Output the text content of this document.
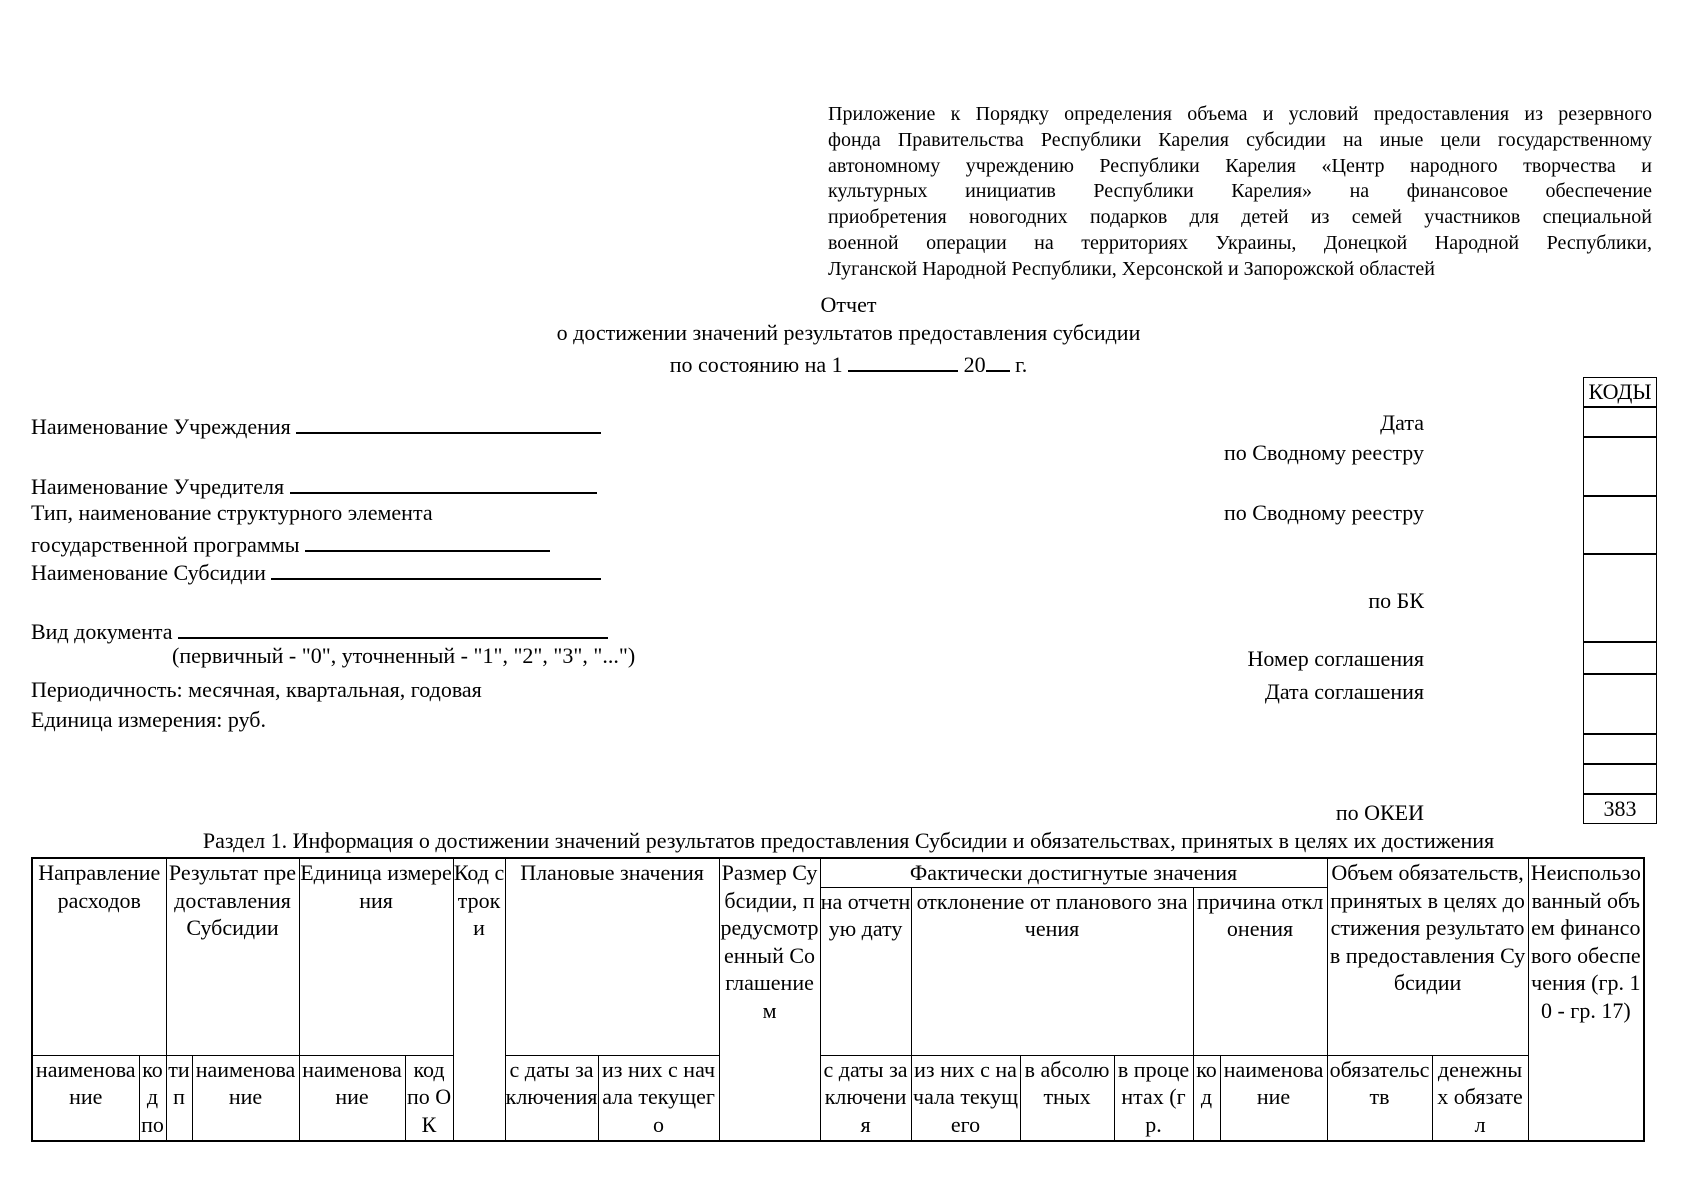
Приложение к Порядку определения объема и условий предоставления из резервного
фонда Правительства Республики Карелия субсидии на иные цели государственному
автономному учреждению Республики Карелия «Центр народного творчества и
культурных инициатив Республики Карелия» на финансовое обеспечение
приобретения новогодних подарков для детей из семей участников специальной
военной операции на территориях Украины, Донецкой Народной Республики,
Луганской Народной Республики, Херсонской и Запорожской областей
Отчет
о достижении значений результатов предоставления субсидии
по состоянию на 1	20 г.
Наименование Учреждения
Наименование Учредителя
Тип, наименование структурного элемента
государственной программы
Наименование Субсидии
Вид документа
(первичный - "0", уточненный - "1", "2", "3", "...")
Периодичность: месячная, квартальная, годовая
Единица измерения: руб.
Дата
по Сводному реестру
по Сводному реестру
по БК
Номер соглашения
Дата соглашения
по ОКЕИ
КОДЫ
383
Раздел 1. Информация о достижении значений результатов предоставления Субсидии и обязательствах, принятых в целях их достижения
Направление расходов		Результат предоставления Субсидии		Единица измерения		Код строки	Плановые значения		Размер Субсидии, предусмотренный Соглашением	Фактически достигнутые значения						Объем обязательств, принятых в целях достижения результатов предоставления Субсидии		Неиспользованный объем финансового обеспечения (гр. 10 - гр. 17)
										на отчетную дату	отклонение от планового значения			причина отклонения				
наименование	код по	тип	наименование	наименование	код по ОК		с даты заключения	из них с начала текущего		с даты заключения	из них с начала текущего	в абсолютных	в процентах (гр.	код	наименование	обязательств	денежных обязател	
